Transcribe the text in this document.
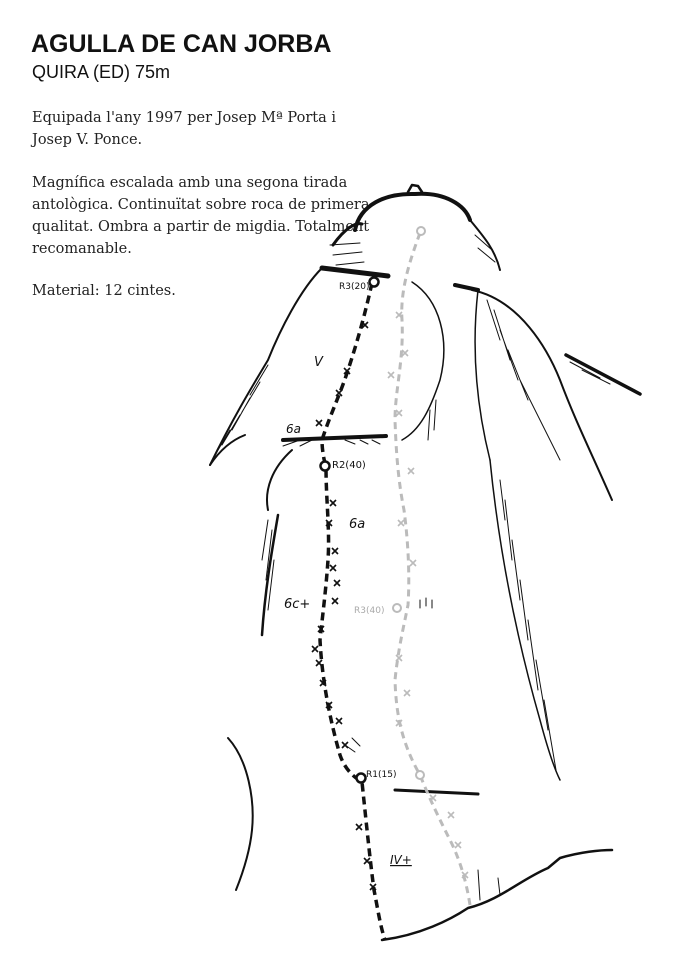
AGULLA DE CAN JORBA
QUIRA (ED) 75m

Equipada l'any 1997 per Josep Mª Porta i Josep V. Ponce.

Magnífica escalada amb una segona tirada antològica. Continuïtat sobre roca de primera qualitat. Ombra a partir de migdia. Totalment recomanable.

Material: 12 cintes.	R3(20)
R2(40)
R1(15)
R3(40)
V
6a
6a
6c+
IV+
